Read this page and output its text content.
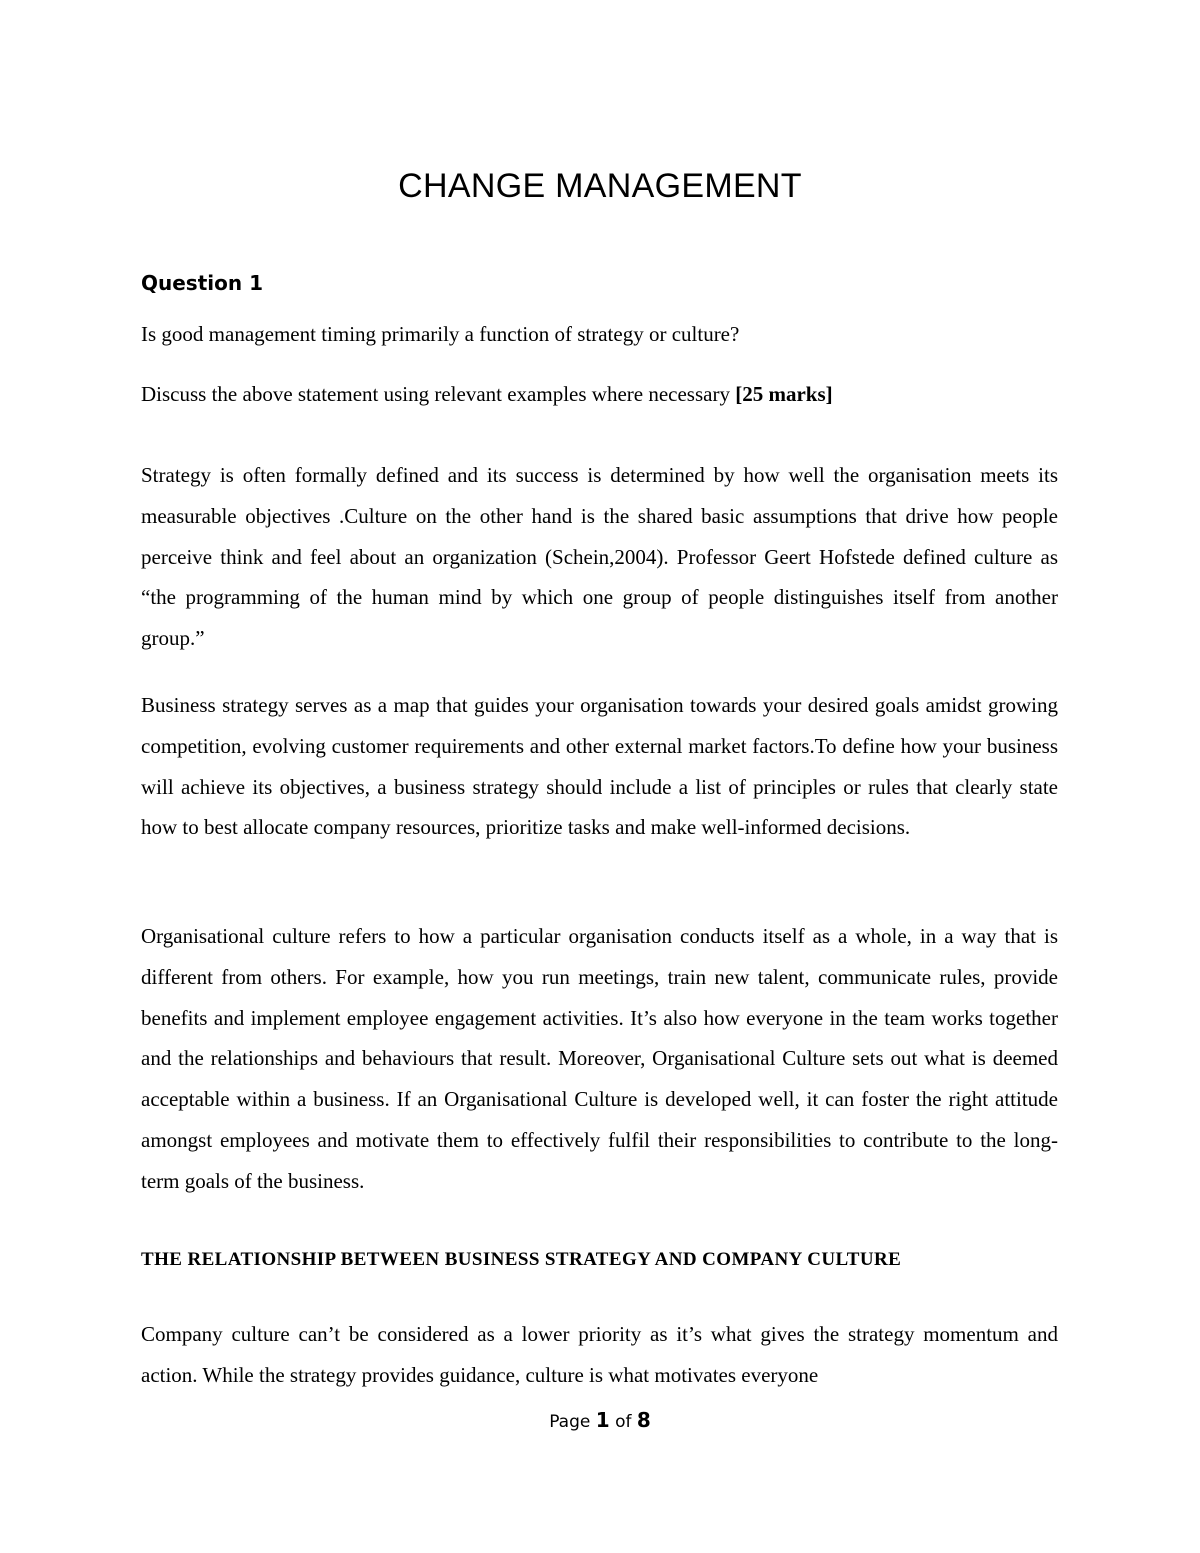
CHANGE MANAGEMENT
Question 1
Is good management timing primarily a function of strategy or culture?
Discuss the above statement using relevant examples where necessary [25 marks]

Strategy is often formally defined and its success is determined by how well the organisation meets its measurable objectives .Culture on the other hand is the shared basic assumptions that drive how people perceive think and feel about an organization (Schein,2004). Professor Geert Hofstede defined culture as “the programming of the human mind by which one group of people distinguishes itself from another group.”

Business strategy serves as a map that guides your organisation towards your desired goals amidst growing competition, evolving customer requirements and other external market factors.To define how your business will achieve its objectives, a business strategy should include a list of principles or rules that clearly state how to best allocate company resources, prioritize tasks and make well-informed decisions.

Organisational culture refers to how a particular organisation conducts itself as a whole, in a way that is different from others. For example, how you run meetings, train new talent, communicate rules, provide benefits and implement employee engagement activities. It’s also how everyone in the team works together and the relationships and behaviours that result. Moreover, Organisational Culture sets out what is deemed acceptable within a business. If an Organisational Culture is developed well, it can foster the right attitude amongst employees and motivate them to effectively fulfil their responsibilities to contribute to the long-term goals of the business.

THE RELATIONSHIP BETWEEN BUSINESS STRATEGY AND COMPANY CULTURE

Company culture can’t be considered as a lower priority as it’s what gives the strategy momentum and action. While the strategy provides guidance, culture is what motivates everyone

Page 1 of 8
